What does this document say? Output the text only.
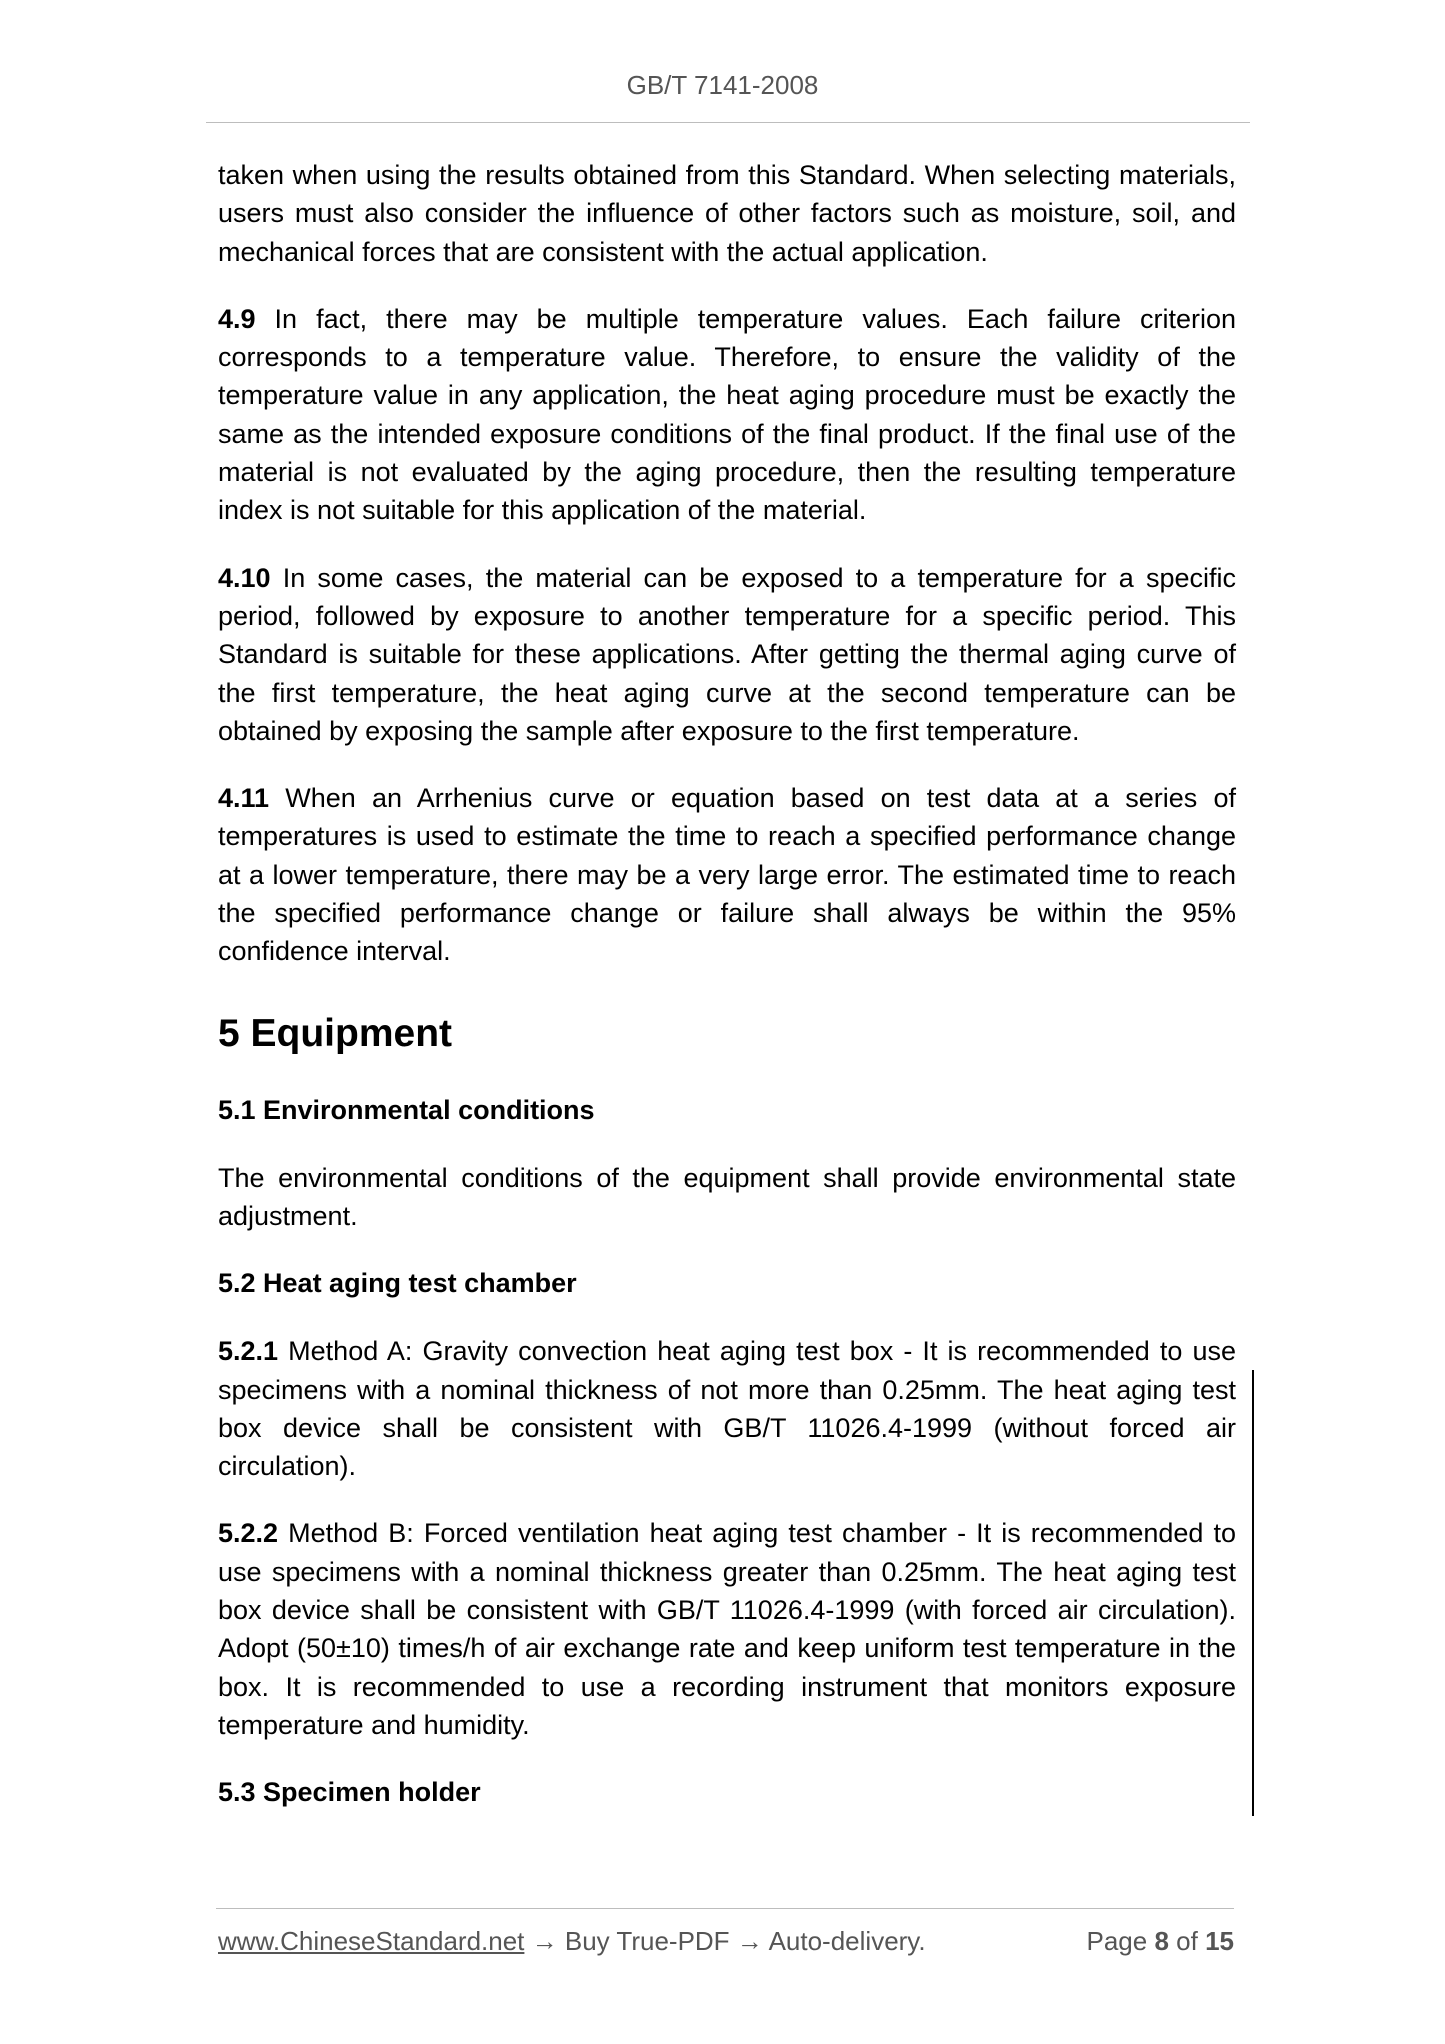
GB/T 7141-2008

taken when using the results obtained from this Standard. When selecting materials, users must also consider the influence of other factors such as moisture, soil, and mechanical forces that are consistent with the actual application.

4.9 In fact, there may be multiple temperature values. Each failure criterion corresponds to a temperature value. Therefore, to ensure the validity of the temperature value in any application, the heat aging procedure must be exactly the same as the intended exposure conditions of the final product. If the final use of the material is not evaluated by the aging procedure, then the resulting temperature index is not suitable for this application of the material.

4.10 In some cases, the material can be exposed to a temperature for a specific period, followed by exposure to another temperature for a specific period. This Standard is suitable for these applications. After getting the thermal aging curve of the first temperature, the heat aging curve at the second temperature can be obtained by exposing the sample after exposure to the first temperature.

4.11 When an Arrhenius curve or equation based on test data at a series of temperatures is used to estimate the time to reach a specified performance change at a lower temperature, there may be a very large error. The estimated time to reach the specified performance change or failure shall always be within the 95% confidence interval.

5 Equipment
5.1 Environmental conditions

The environmental conditions of the equipment shall provide environmental state adjustment.

5.2 Heat aging test chamber

5.2.1 Method A: Gravity convection heat aging test box - It is recommended to use specimens with a nominal thickness of not more than 0.25mm. The heat aging test box device shall be consistent with GB/T 11026.4-1999 (without forced air circulation).

5.2.2 Method B: Forced ventilation heat aging test chamber - It is recommended to use specimens with a nominal thickness greater than 0.25mm. The heat aging test box device shall be consistent with GB/T 11026.4-1999 (with forced air circulation). Adopt (50±10) times/h of air exchange rate and keep uniform test temperature in the box. It is recommended to use a recording instrument that monitors exposure temperature and humidity.

5.3 Specimen holder
www.ChineseStandard.net → Buy True-PDF → Auto-delivery.	Page 8 of 15
